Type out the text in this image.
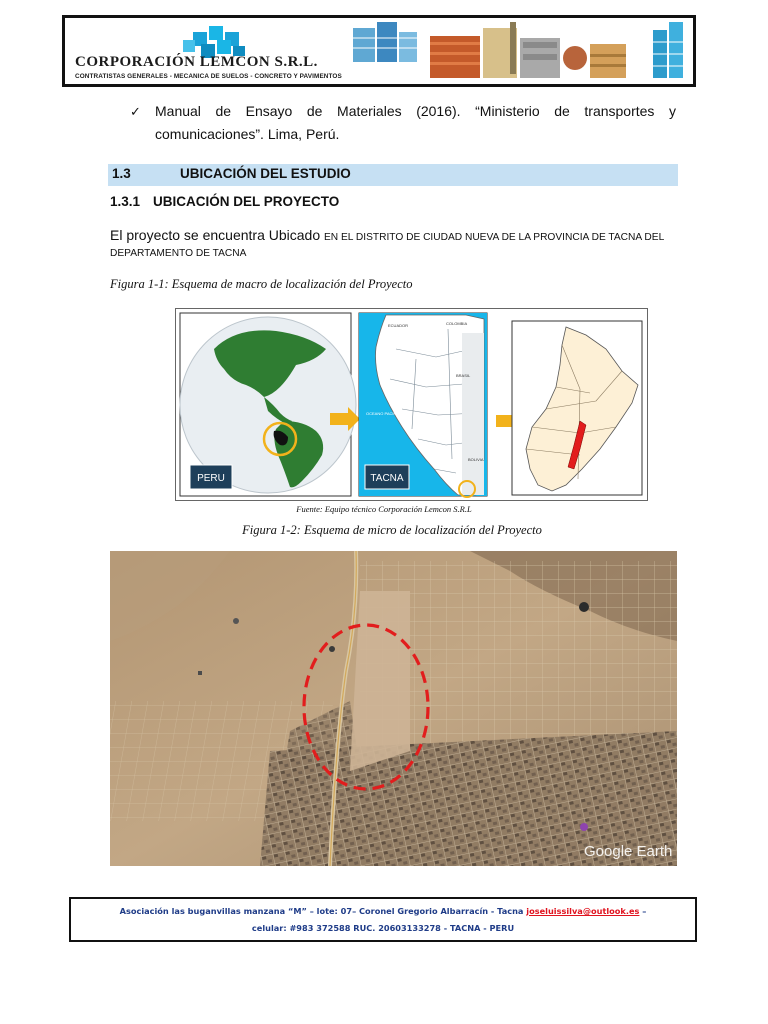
CORPORACIÓN LEMCON S.R.L.
CONTRATISTAS GENERALES - MECANICA DE SUELOS - CONCRETO Y PAVIMENTOS
✓ Manual de Ensayo de Materiales (2016). “Ministerio de transportes y
comunicaciones”. Lima, Perú.
1.3	UBICACIÓN DEL ESTUDIO
1.3.1 UBICACIÓN DEL PROYECTO
El proyecto se encuentra Ubicado EN EL DISTRITO DE CIUDAD NUEVA DE LA PROVINCIA DE TACNA DEL
DEPARTAMENTO DE TACNA
Figura 1-1: Esquema de macro de localización del Proyecto
PERU
ECUADOR	COLOMBIA
BRASIL
OCEANO PACIFICO
BOLIVIA
TACNA
Fuente: Equipo técnico Corporación Lemcon S.R.L
Figura 1-2: Esquema de micro de localización del Proyecto
Google Earth
Asociación las buganvillas manzana “M” – lote: 07– Coronel Gregorio Albarracín - Tacna joseluissilva@outlook.es –
celular: #983 372588 RUC. 20603133278 - TACNA - PERU
